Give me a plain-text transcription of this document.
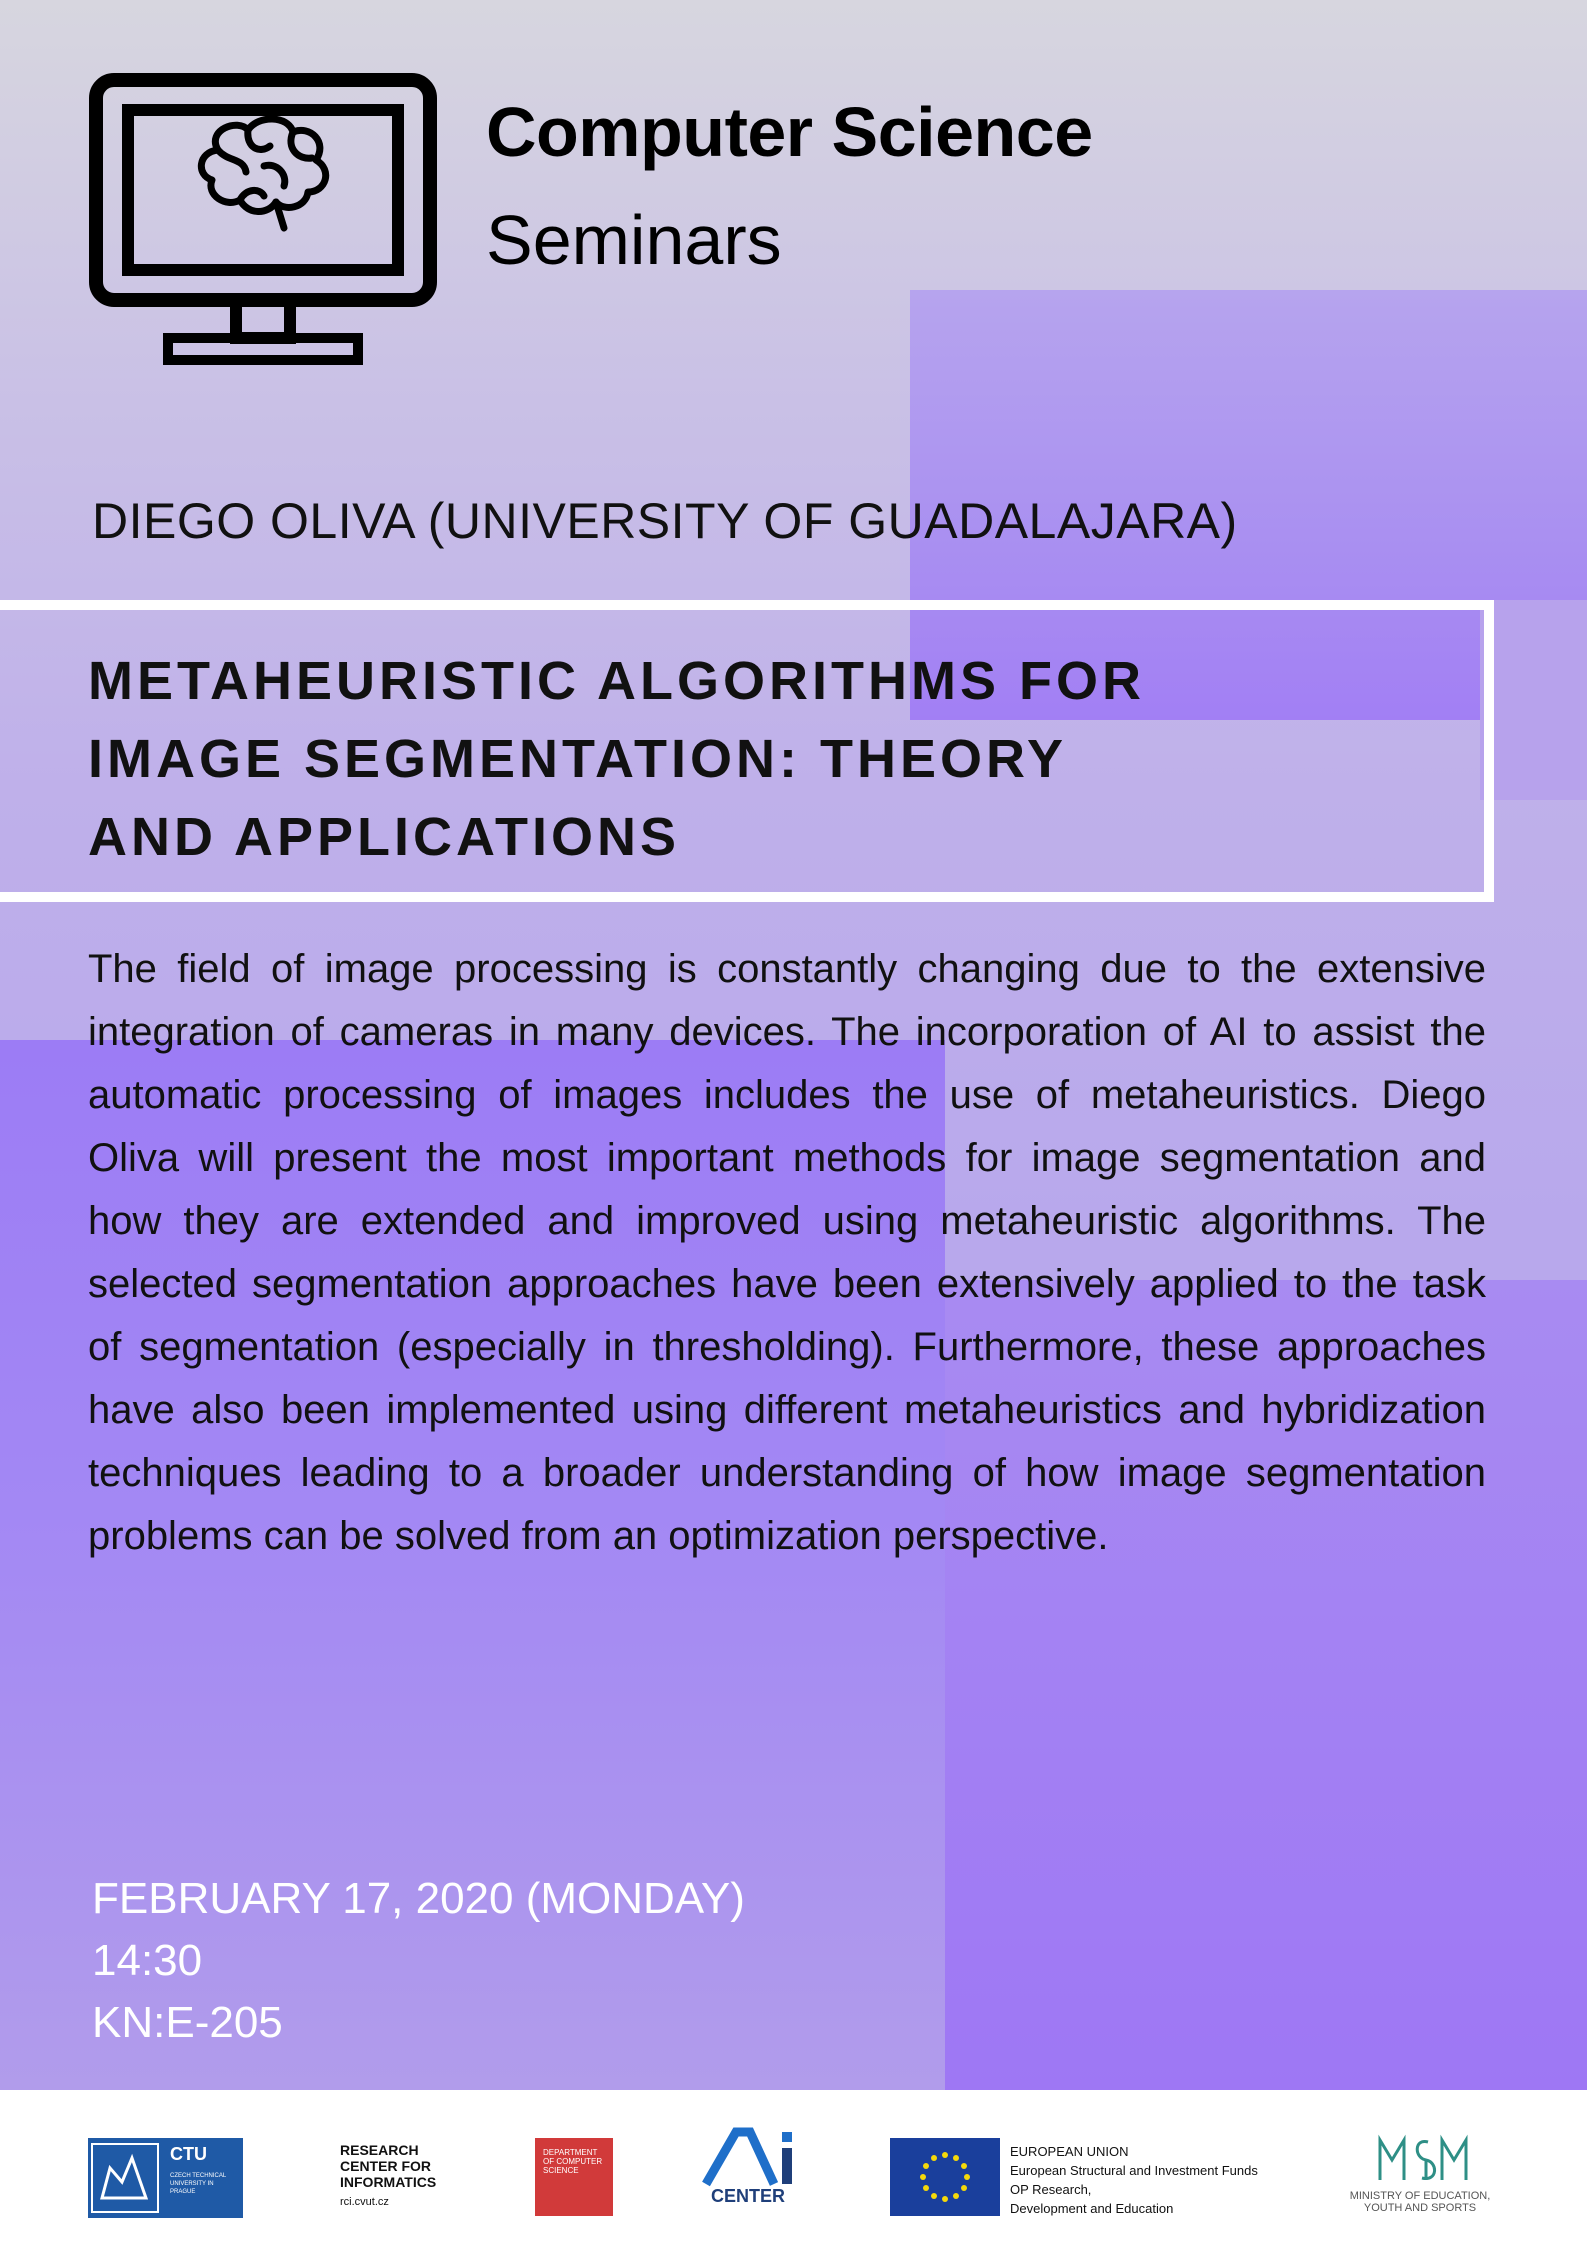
Computer Science
Seminars
DIEGO OLIVA (UNIVERSITY OF GUADALAJARA)
METAHEURISTIC ALGORITHMS FOR
IMAGE SEGMENTATION: THEORY
AND APPLICATIONS
The field of image processing is constantly changing due to the extensive integration of cameras in many devices. The incorporation of AI to assist the automatic processing of images includes the use of metaheuristics. Diego Oliva will present the most important methods for image segmentation and how they are extended and improved using metaheuristic algorithms. The selected segmentation approaches have been extensively applied to the task of segmentation (especially in thresholding). Furthermore, these approaches have also been implemented using different metaheuristics and hybridization techniques leading to a broader understanding of how image segmentation problems can be solved from an optimization perspective.
FEBRUARY 17, 2020 (MONDAY)
14:30
KN:E-205
CTU
CZECH TECHNICAL UNIVERSITY IN PRAGUE
RESEARCH
CENTER FOR
INFORMATICS
rci.cvut.cz
DEPARTMENT OF COMPUTER SCIENCE
CENTER
EUROPEAN UNION
European Structural and Investment Funds
OP Research,
Development and Education
MINISTRY OF EDUCATION,
YOUTH AND SPORTS
